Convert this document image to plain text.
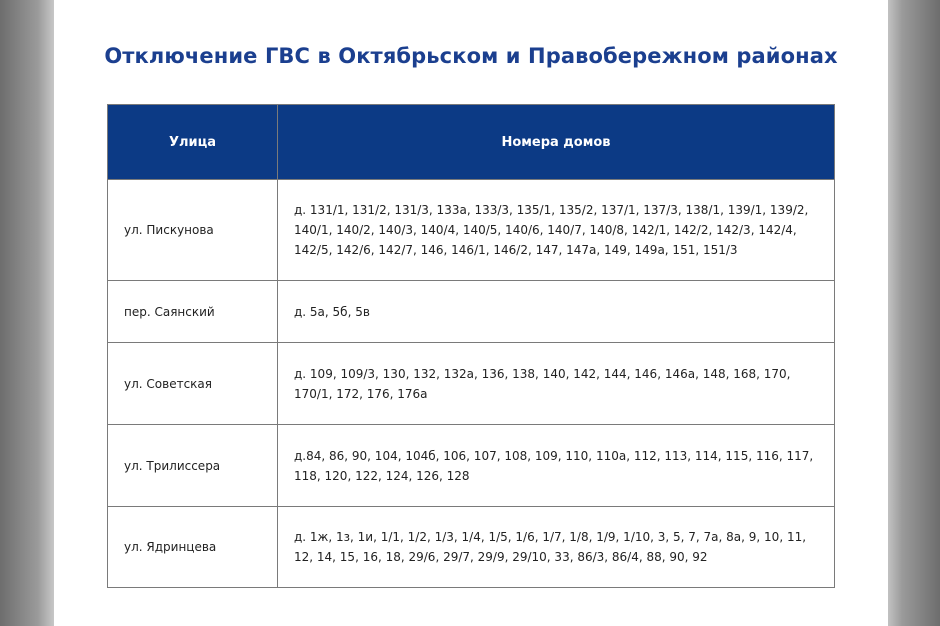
Отключение ГВС в Октябрьском и Правобережном районах
Улица	Номера домов
ул. Пискунова	д. 131/1, 131/2, 131/3, 133а, 133/3, 135/1, 135/2, 137/1, 137/3, 138/1, 139/1, 139/2, 140/1, 140/2, 140/3, 140/4, 140/5, 140/6, 140/7, 140/8, 142/1, 142/2, 142/3, 142/4, 142/5, 142/6, 142/7, 146, 146/1, 146/2, 147, 147а, 149, 149а, 151, 151/3
пер. Саянский	д. 5а, 5б, 5в
ул. Советская	д. 109, 109/3, 130, 132, 132а, 136, 138, 140, 142, 144, 146, 146а, 148, 168, 170, 170/1, 172, 176, 176а
ул. Трилиссера	д.84, 86, 90, 104, 104б, 106, 107, 108, 109, 110, 110а, 112, 113, 114, 115, 116, 117, 118, 120, 122, 124, 126, 128
ул. Ядринцева	д. 1ж, 1з, 1и, 1/1, 1/2, 1/3, 1/4, 1/5, 1/6, 1/7, 1/8, 1/9, 1/10, 3, 5, 7, 7а, 8а, 9, 10, 11, 12, 14, 15, 16, 18, 29/6, 29/7, 29/9, 29/10, 33, 86/3, 86/4, 88, 90, 92
